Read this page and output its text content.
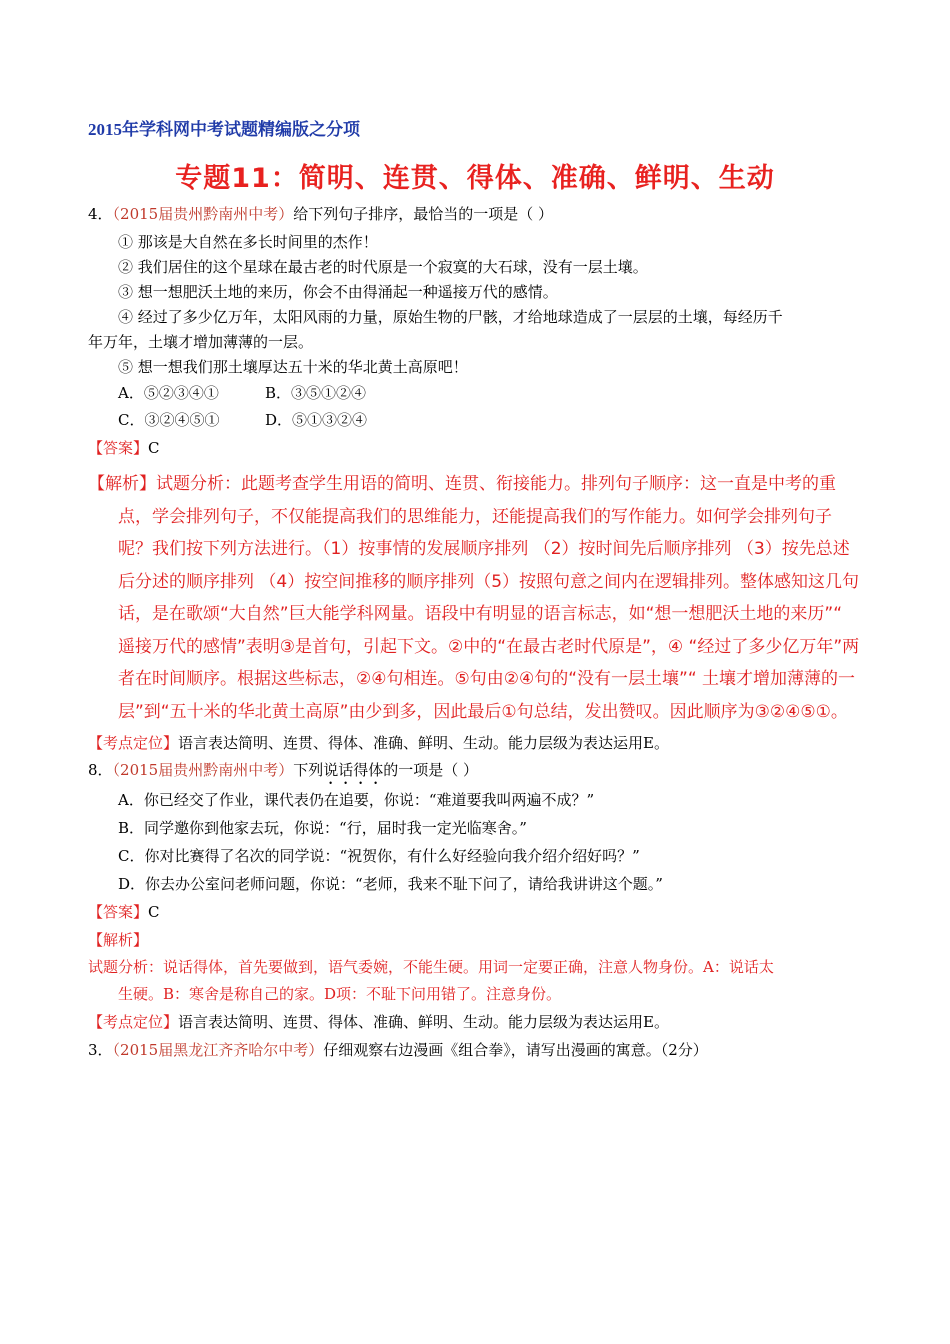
2015年学科网中考试题精编版之分项
专题11：简明、连贯、得体、准确、鲜明、生动
4．（2015届贵州黔南州中考）给下列句子排序，最恰当的一项是（ ）
① 那该是大自然在多长时间里的杰作！
② 我们居住的这个星球在最古老的时代原是一个寂寞的大石球，没有一层土壤。
③ 想一想肥沃土地的来历，你会不由得涌起一种遥接万代的感情。
④ 经过了多少亿万年，太阳风雨的力量，原始生物的尸骸，才给地球造成了一层层的土壤，每经历千
年万年，土壤才增加薄薄的一层。
⑤ 想一想我们那土壤厚达五十米的华北黄土高原吧！
A．⑤②③④①	B．③⑤①②④
C．③②④⑤①	D．⑤①③②④
【答案】C

【解析】试题分析：此题考查学生用语的简明、连贯、衔接能力。排列句子顺序：这一直是中考的重点，学会排列句子，不仅能提高我们的思维能力，还能提高我们的写作能力。如何学会排列句子呢？我们按下列方法进行。（1）按事情的发展顺序排列 （2）按时间先后顺序排列 （3）按先总述后分述的顺序排列 （4）按空间推移的顺序排列（5）按照句意之间内在逻辑排列。整体感知这几句话，是在歌颂“大自然”巨大能学科网量。语段中有明显的语言标志，如“想一想肥沃土地的来历”“ 遥接万代的感情”表明③是首句，引起下文。②中的“在最古老时代原是”，④ “经过了多少亿万年”两者在时间顺序。根据这些标志，②④句相连。⑤句由②④句的“没有一层土壤”“ 土壤才增加薄薄的一层”到“五十米的华北黄土高原”由少到多，因此最后①句总结，发出赞叹。因此顺序为③②④⑤①。

【考点定位】语言表达简明、连贯、得体、准确、鲜明、生动。能力层级为表达运用E。
8．（2015届贵州黔南州中考）下列说话得体的一项是（ ）
A．你已经交了作业，课代表仍在追要，你说：“难道要我叫两遍不成？”
B．同学邀你到他家去玩，你说：“行，届时我一定光临寒舍。”
C．你对比赛得了名次的同学说：“祝贺你，有什么好经验向我介绍介绍好吗？”
D．你去办公室问老师问题，你说：“老师，我来不耻下问了，请给我讲讲这个题。”
【答案】C
【解析】
试题分析：说话得体，首先要做到，语气委婉，不能生硬。用词一定要正确，注意人物身份。A：说话太
生硬。B：寒舍是称自己的家。D项：不耻下问用错了。注意身份。
【考点定位】语言表达简明、连贯、得体、准确、鲜明、生动。能力层级为表达运用E。
3．（2015届黑龙江齐齐哈尔中考）仔细观察右边漫画《组合拳》，请写出漫画的寓意。（2分）
